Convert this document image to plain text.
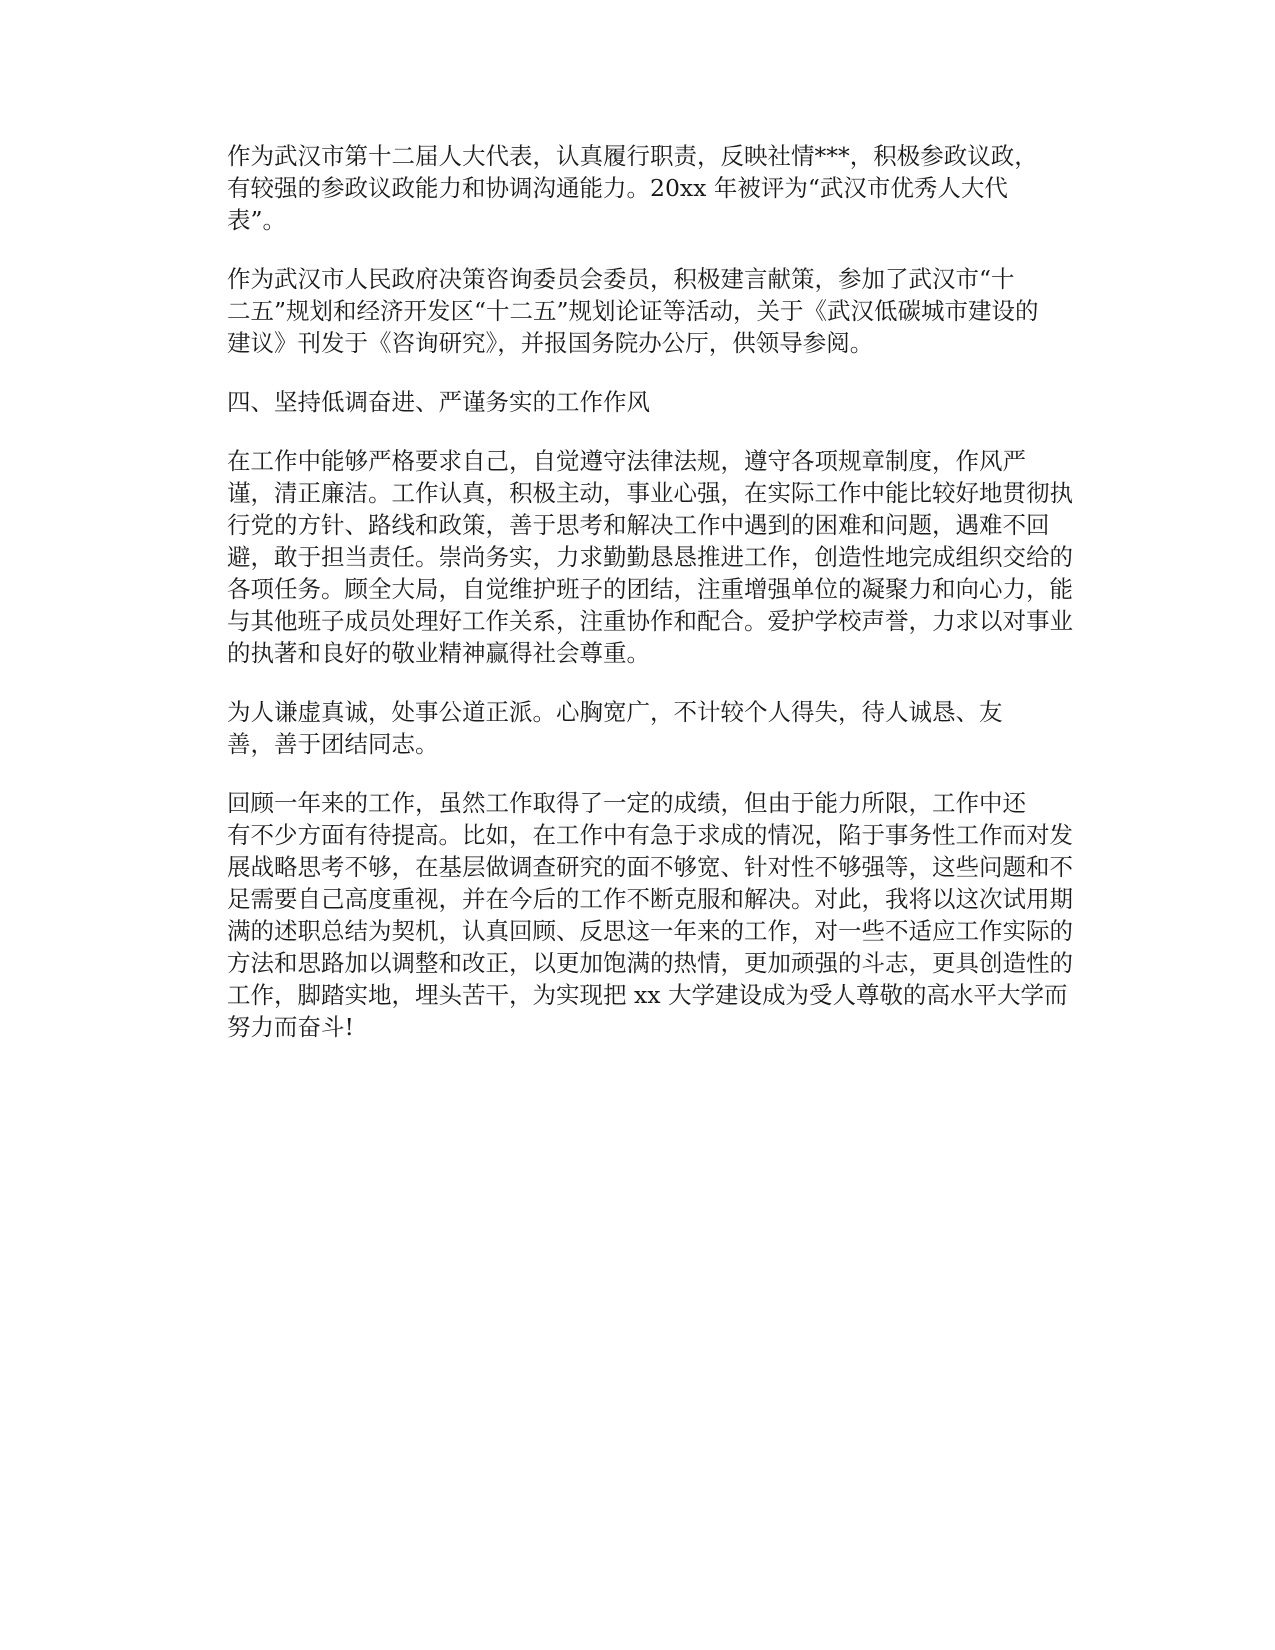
作为武汉市第十二届人大代表，认真履行职责，反映社情***，积极参政议政，
有较强的参政议政能力和协调沟通能力。20xx 年被评为“武汉市优秀人大代
表”。

作为武汉市人民政府决策咨询委员会委员，积极建言献策，参加了武汉市“十
二五”规划和经济开发区“十二五”规划论证等活动，关于《武汉低碳城市建设的
建议》刊发于《咨询研究》，并报国务院办公厅，供领导参阅。

四、坚持低调奋进、严谨务实的工作作风

在工作中能够严格要求自己，自觉遵守法律法规，遵守各项规章制度，作风严
谨，清正廉洁。工作认真，积极主动，事业心强，在实际工作中能比较好地贯彻执
行党的方针、路线和政策，善于思考和解决工作中遇到的困难和问题，遇难不回
避，敢于担当责任。崇尚务实，力求勤勤恳恳推进工作，创造性地完成组织交给的
各项任务。顾全大局，自觉维护班子的团结，注重增强单位的凝聚力和向心力，能
与其他班子成员处理好工作关系，注重协作和配合。爱护学校声誉，力求以对事业
的执著和良好的敬业精神赢得社会尊重。

为人谦虚真诚，处事公道正派。心胸宽广，不计较个人得失，待人诚恳、友
善，善于团结同志。

回顾一年来的工作，虽然工作取得了一定的成绩，但由于能力所限，工作中还
有不少方面有待提高。比如，在工作中有急于求成的情况，陷于事务性工作而对发
展战略思考不够，在基层做调查研究的面不够宽、针对性不够强等，这些问题和不
足需要自己高度重视，并在今后的工作不断克服和解决。对此，我将以这次试用期
满的述职总结为契机，认真回顾、反思这一年来的工作，对一些不适应工作实际的
方法和思路加以调整和改正，以更加饱满的热情，更加顽强的斗志，更具创造性的
工作，脚踏实地，埋头苦干，为实现把 xx 大学建设成为受人尊敬的高水平大学而
努力而奋斗!
